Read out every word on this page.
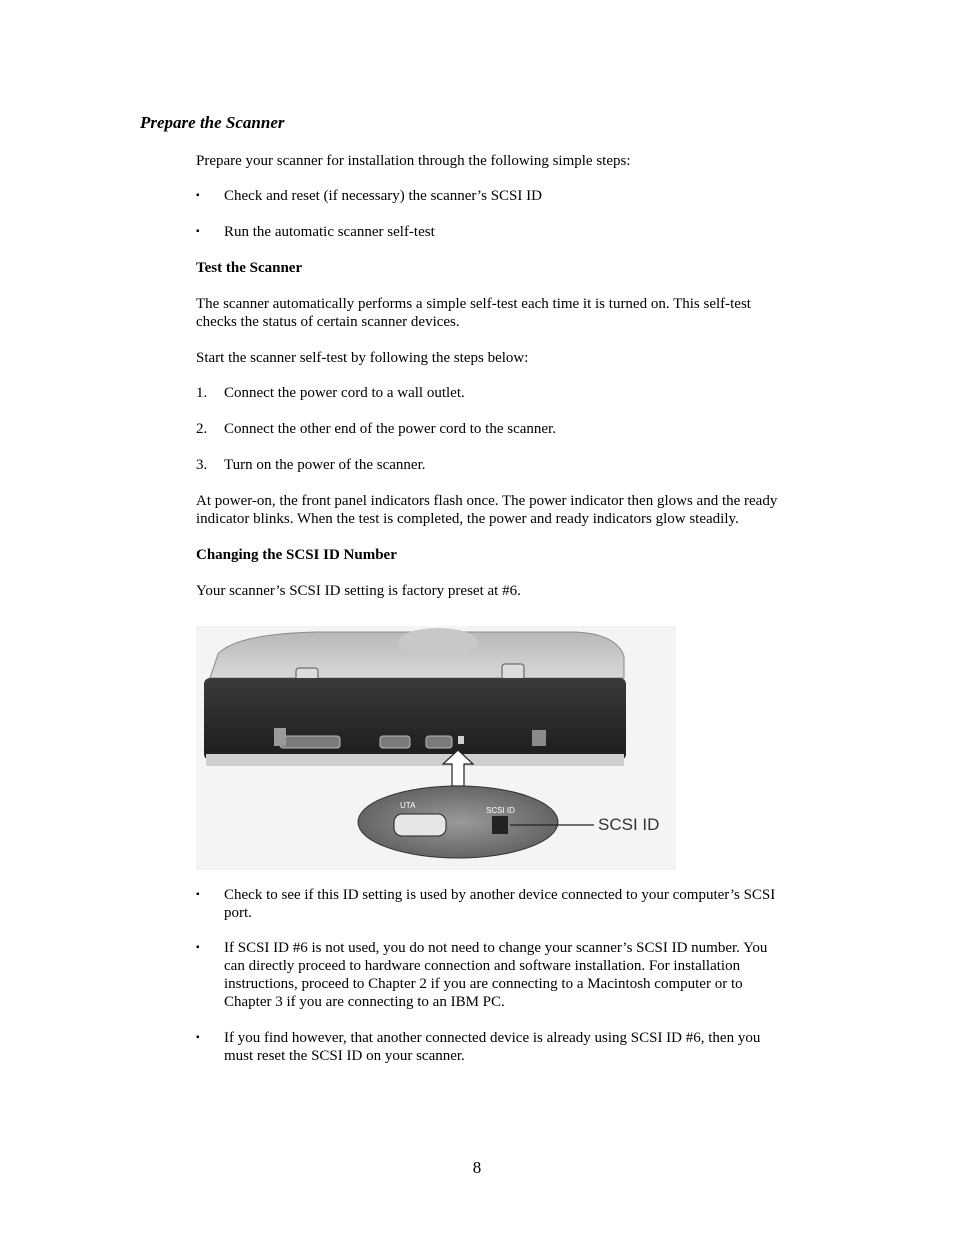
Prepare the Scanner
Prepare your scanner for installation through the following simple steps:
▪ Check and reset (if necessary) the scanner’s SCSI ID
▪ Run the automatic scanner self-test
Test the Scanner
The scanner automatically performs a simple self-test each time it is turned on. This self-test
checks the status of certain scanner devices.
Start the scanner self-test by following the steps below:
1. Connect the power cord to a wall outlet.
2. Connect the other end of the power cord to the scanner.
3. Turn on the power of the scanner.
At power-on, the front panel indicators flash once. The power indicator then glows and the ready
indicator blinks. When the test is completed, the power and ready indicators glow steadily.
Changing the SCSI ID Number
Your scanner’s SCSI ID setting is factory preset at #6.
UTA
SCSI ID
SCSI ID
▪ Check to see if this ID setting is used by another device connected to your computer’s SCSI
port.
▪ If SCSI ID #6 is not used, you do not need to change your scanner’s SCSI ID number. You
can directly proceed to hardware connection and software installation. For installation
instructions, proceed to Chapter 2 if you are connecting to a Macintosh computer or to
Chapter 3 if you are connecting to an IBM PC.
▪ If you find however, that another connected device is already using SCSI ID #6, then you
must reset the SCSI ID on your scanner.
8
